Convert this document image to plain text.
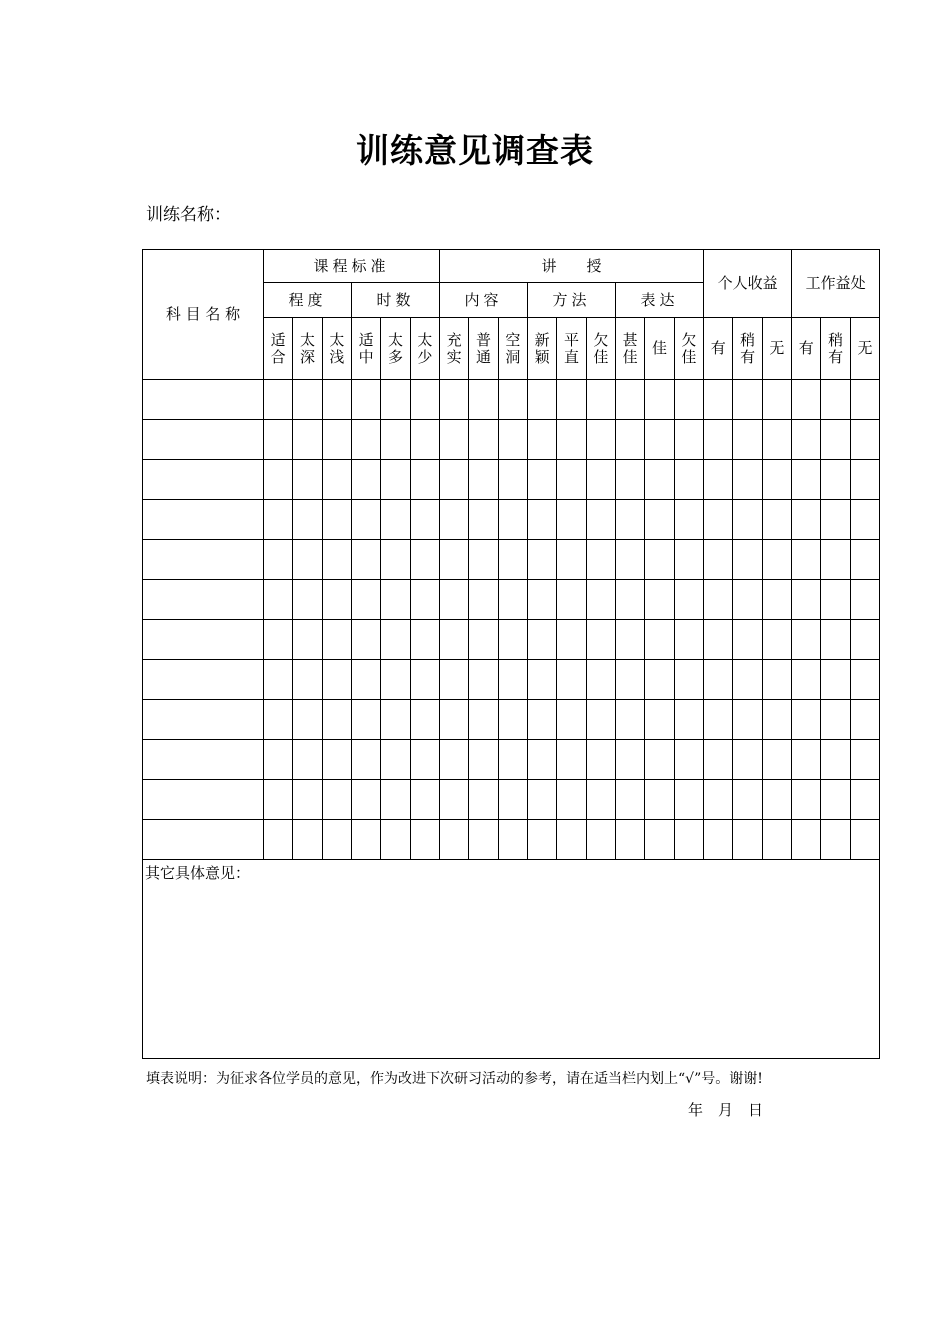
训练意见调查表
训练名称：
科 目 名 称	课程标准						讲　　授									个人收益			工作益处		
	程度			时数			内容			方法			表达								
	适合	太深	太浅	适中	太多	太少	充实	普通	空洞	新颖	平直	欠佳	甚佳	佳	欠佳	有	稍有	无	有	稍有	无

其它具体意见：																					
填表说明：为征求各位学员的意见，作为改进下次研习活动的参考，请在适当栏内划上“√”号。谢谢!
年　月　日
